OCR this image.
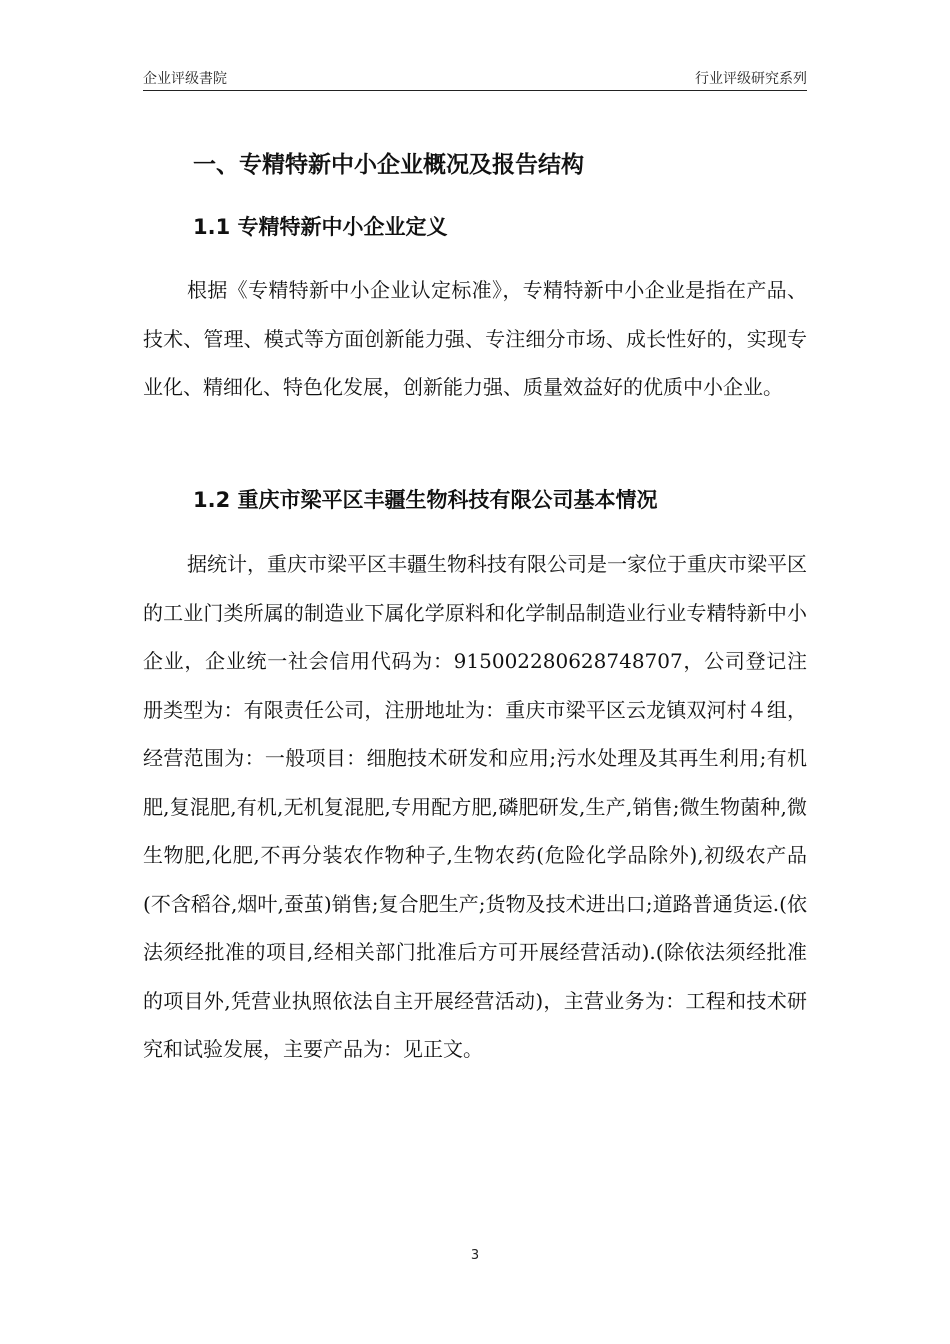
企业评级書院	行业评级研究系列
一、专精特新中小企业概况及报告结构
1.1 专精特新中小企业定义
根据《专精特新中小企业认定标准》，专精特新中小企业是指在产品、技术、管理、模式等方面创新能力强、专注细分市场、成长性好的，实现专业化、精细化、特色化发展，创新能力强、质量效益好的优质中小企业。
1.2 重庆市梁平区丰疆生物科技有限公司基本情况
据统计，重庆市梁平区丰疆生物科技有限公司是一家位于重庆市梁平区的工业门类所属的制造业下属化学原料和化学制品制造业行业专精特新中小企业，企业统一社会信用代码为：915002280628748707，公司登记注册类型为：有限责任公司，注册地址为：重庆市梁平区云龙镇双河村４组，经营范围为：一般项目：细胞技术研发和应用;污水处理及其再生利用;有机肥,复混肥,有机,无机复混肥,专用配方肥,磷肥研发,生产,销售;微生物菌种,微生物肥,化肥,不再分装农作物种子,生物农药(危险化学品除外),初级农产品(不含稻谷,烟叶,蚕茧)销售;复合肥生产;货物及技术进出口;道路普通货运.(依法须经批准的项目,经相关部门批准后方可开展经营活动).(除依法须经批准的项目外,凭营业执照依法自主开展经营活动)，主营业务为：工程和技术研究和试验发展，主要产品为：见正文。
3
